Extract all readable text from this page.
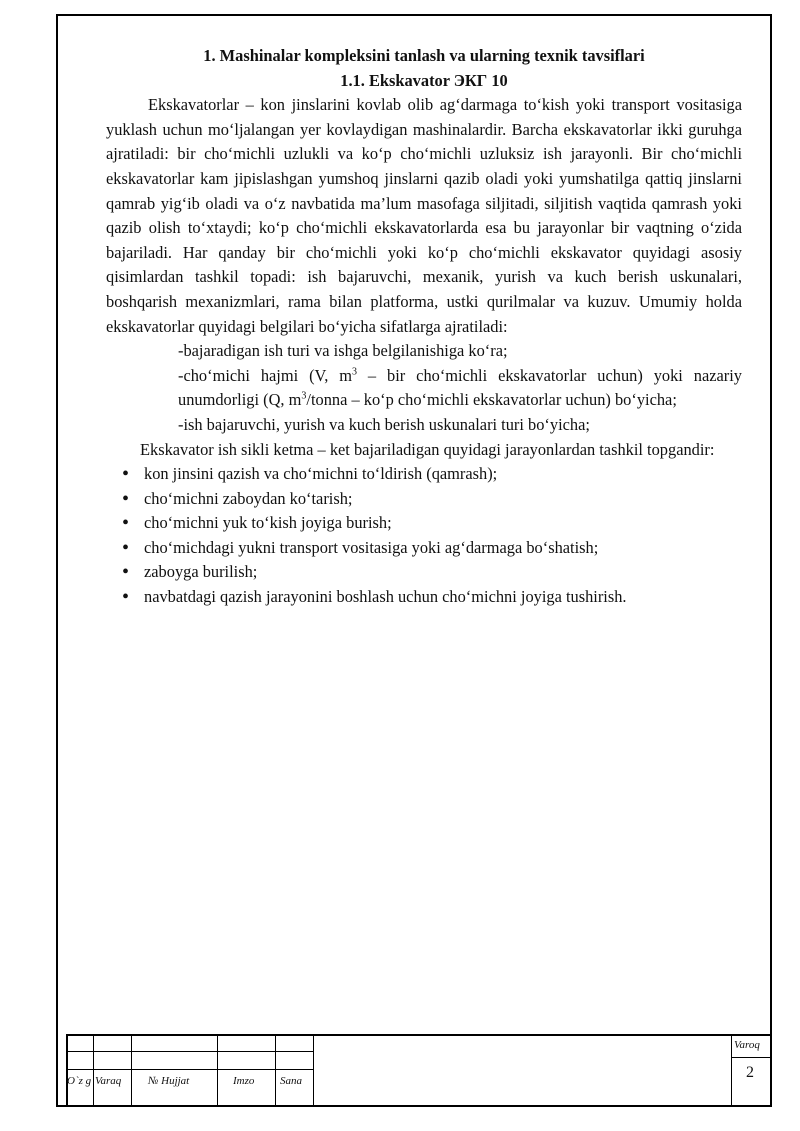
1. Mashinalar kompleksini tanlash va ularning texnik tavsiflari

1.1. Ekskavator ЭКГ 10

Ekskavatorlar – kon jinslarini kovlab olib ag‘darmaga to‘kish yoki transport vositasiga yuklash uchun mo‘ljalangan yer kovlaydigan mashinalardir. Barcha ekskavatorlar ikki guruhga ajratiladi: bir cho‘michli uzlukli va ko‘p cho‘michli uzluksiz ish jarayonli. Bir cho‘michli ekskavatorlar kam jipislashgan yumshoq jinslarni qazib oladi yoki yumshatilga qattiq jinslarni qamrab yig‘ib oladi va o‘z navbatida ma’lum masofaga siljitadi, siljitish vaqtida qamrash yoki qazib olish to‘xtaydi; ko‘p cho‘michli ekskavatorlarda esa bu jarayonlar bir vaqtning o‘zida bajariladi. Har qanday bir cho‘michli yoki ko‘p cho‘michli ekskavator quyidagi asosiy qisimlardan tashkil topadi: ish bajaruvchi, mexanik, yurish va kuch berish uskunalari, boshqarish mexanizmlari, rama bilan platforma, ustki qurilmalar va kuzuv. Umumiy holda ekskavatorlar quyidagi belgilari bo‘yicha sifatlarga ajratiladi:

-bajaradigan ish turi va ishga belgilanishiga ko‘ra;

-cho‘michi hajmi (V, $m^3$ – bir cho‘michli ekskavatorlar uchun) yoki nazariy unumdorligi (Q, $m^3$/tonna – ko‘p cho‘michli ekskavatorlar uchun) bo‘yicha;

-ish bajaruvchi, yurish va kuch berish uskunalari turi bo‘yicha;

Ekskavator ish sikli ketma – ket bajariladigan quyidagi jarayonlardan tashkil topgandir:

• kon jinsini qazish va cho‘michni to‘ldirish (qamrash);
• cho‘michni zaboydan ko‘tarish;
• cho‘michni yuk to‘kish joyiga burish;
• cho‘michdagi yukni transport vositasiga yoki ag‘darmaga bo‘shatish;
• zaboyga burilish;
• navbatdagi qazish jarayonini boshlash uchun cho‘michni joyiga tushirish.
O`z g Varaq № Hujjat	Imzo Sana
Varoq
2
